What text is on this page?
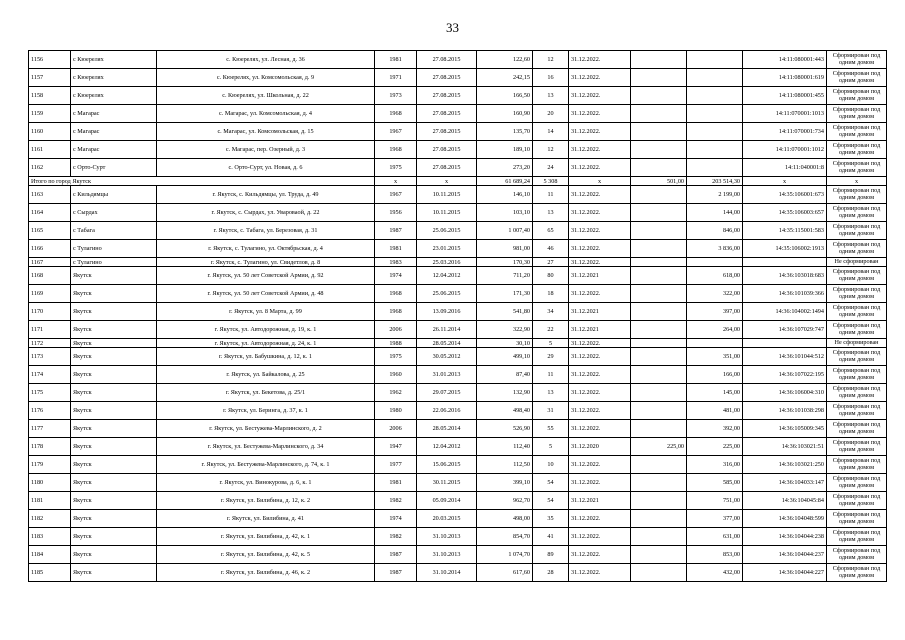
33
1156	с Кюерелях	с. Кюерелях, ул. Лесная, д. 36	1981	27.08.2015	122,60	12	31.12.2022.			14:11:080001:443	Сформирован под одним домом
1157	с Кюерелях	с. Кюерелях, ул. Комсомольская, д. 9	1971	27.08.2015	242,15	16	31.12.2022.			14:11:080001:619	Сформирован под одним домом
1158	с Кюерелях	с. Кюерелях, ул. Школьная, д. 22	1973	27.08.2015	166,50	13	31.12.2022.			14:11:080001:455	Сформирован под одним домом
1159	с Магарас	с. Магарас, ул. Комсомольская, д. 4	1968	27.08.2015	160,90	20	31.12.2022.			14:11:070001:1013	Сформирован под одним домом
1160	с Магарас	с. Магарас, ул. Комсомольская, д. 15	1967	27.08.2015	135,70	14	31.12.2022.			14:11:070001:734	Сформирован под одним домом
1161	с Магарас	с. Магарас, пер. Озерный, д. 3	1968	27.08.2015	189,10	12	31.12.2022.			14:11:070001:1012	Сформирован под одним домом
1162	с Орто-Сурт	с. Орто-Сурт, ул. Новая, д. 6	1975	27.08.2015	273,20	24	31.12.2022.			14:11:040001:8	Сформирован под одним домом
Итого по город Якутск			х	х	61 689,24	5 308	х	501,00	203 514,30	х	х
1163	с Кильдямцы	г. Якутск, с. Кильдямцы, ул. Труда, д. 49	1967	10.11.2015	146,10	11	31.12.2022.		2 199,00	14:35:106001:673	Сформирован под одним домом
1164	с Сырдах	г. Якутск, с. Сырдах, ул. Увароваой, д. 22	1956	10.11.2015	103,10	13	31.12.2022.		144,00	14:35:106003:657	Сформирован под одним домом
1165	с Табага	г. Якутск, с. Табага, ул. Березовая, д. 31	1987	25.06.2015	1 007,40	65	31.12.2022.		846,00	14:35:115001:583	Сформирован под одним домом
1166	с Тулагино	г. Якутск, с. Тулагино, ул. Октябрьская, д. 4	1981	23.01.2015	981,00	46	31.12.2022.		3 836,00	14:35:106002:1913	Сформирован под одним домом
1167	с Тулагино	г. Якутск, с. Тулагино, ул. Свидетлов, д. 8	1983	25.03.2016	170,30	27	31.12.2022.				Не сформирован
1168	Якутск	г. Якутск, ул. 50 лет Советской Армии, д. 92	1974	12.04.2012	711,20	80	31.12.2021		618,00	14:36:103018:683	Сформирован под одним домом
1169	Якутск	г. Якутск, ул. 50 лет Советской Армии, д. 48	1968	25.06.2015	171,30	18	31.12.2022.		322,00	14:36:101039:366	Сформирован под одним домом
1170	Якутск	г. Якутск, ул. 8 Марта, д. 99	1968	13.09.2016	541,80	34	31.12.2021		397,00	14:36:104002:1494	Сформирован под одним домом
1171	Якутск	г. Якутск, ул. Автодорожная, д. 19, к. 1	2006	26.11.2014	322,90	22	31.12.2021		264,00	14:36:107029:747	Сформирован под одним домом
1172	Якутск	г. Якутск, ул. Автодорожная, д. 24, к. 1	1988	28.05.2014	30,10	5	31.12.2022.				Не сформирован
1173	Якутск	г. Якутск, ул. Бабушкина, д. 12, к. 1	1975	30.05.2012	499,10	29	31.12.2022.		351,00	14:36:101044:512	Сформирован под одним домом
1174	Якутск	г. Якутск, ул. Байкалова, д. 25	1960	31.01.2013	87,40	11	31.12.2022.		166,00	14:36:107022:195	Сформирован под одним домом
1175	Якутск	г. Якутск, ул. Бекетова, д. 25/1	1962	29.07.2015	132,90	13	31.12.2022.		145,00	14:36:106004:310	Сформирован под одним домом
1176	Якутск	г. Якутск, ул. Беринга, д. 37, к. 1	1980	22.06.2016	498,40	31	31.12.2022.		481,00	14:36:101038:298	Сформирован под одним домом
1177	Якутск	г. Якутск, ул. Бестужева-Марлинского, д. 2	2006	28.05.2014	526,90	55	31.12.2022.		392,00	14:36:105009:345	Сформирован под одним домом
1178	Якутск	г. Якутск, ул. Бестужева-Марлинского, д. 34	1947	12.04.2012	112,40	5	31.12.2020	225,00	225,00	14:36:103021:51	Сформирован под одним домом
1179	Якутск	г. Якутск, ул. Бестужева-Марлинского, д. 74, к. 1	1977	15.06.2015	112,50	10	31.12.2022.		316,00	14:36:103021:250	Сформирован под одним домом
1180	Якутск	г. Якутск, ул. Винокурова, д. 6, к. 1	1981	30.11.2015	399,10	54	31.12.2022.		585,00	14:36:104033:147	Сформирован под одним домом
1181	Якутск	г. Якутск, ул. Билибина, д. 12, к. 2	1982	05.09.2014	962,70	54	31.12.2021		751,00	14:36:104045:84	Сформирован под одним домом
1182	Якутск	г. Якутск, ул. Билибина, д. 41	1974	20.03.2015	498,00	35	31.12.2022.		377,00	14:36:104048:599	Сформирован под одним домом
1183	Якутск	г. Якутск, ул. Билибина, д. 42, к. 1	1982	31.10.2013	854,70	41	31.12.2022.		631,00	14:36:104044:238	Сформирован под одним домом
1184	Якутск	г. Якутск, ул. Билибина, д. 42, к. 5	1987	31.10.2013	1 074,70	89	31.12.2022.		853,00	14:36:104044:237	Сформирован под одним домом
1185	Якутск	г. Якутск, ул. Билибина, д. 46, к. 2	1987	31.10.2014	617,60	28	31.12.2022.		432,00	14:36:104044:227	Сформирован под одним домом
